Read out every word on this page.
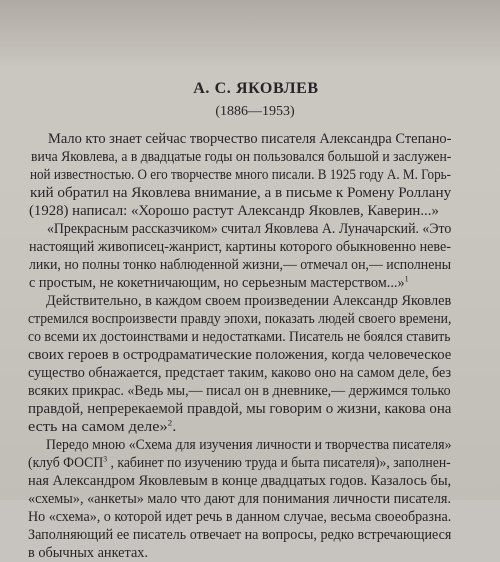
А. С. ЯКОВЛЕВ
(1886—1953)
Мало кто знает сейчас творчество писателя Александра Степано-
вича Яковлева, а в двадцатые годы он пользовался большой и заслужен-
ной известностью. О его творчестве много писали. В 1925 году А. М. Горь-
кий обратил на Яковлева внимание, а в письме к Ромену Роллану
(1928) написал: «Хорошо растут Александр Яковлев, Каверин...»
«Прекрасным рассказчиком» считал Яковлева А. Луначарский. «Это
настоящий живописец-жанрист, картины которого обыкновенно неве-
лики, но полны тонко наблюденной жизни,— отмечал он,— исполнены
с простым, не кокетничающим, но серьезным мастерством...»$^1$
Действительно, в каждом своем произведении Александр Яковлев
стремился воспроизвести правду эпохи, показать людей своего времени,
со всеми их достоинствами и недостатками. Писатель не боялся ставить
своих героев в остродраматические положения, когда человеческое
существо обнажается, предстает таким, каково оно на самом деле, без
всяких прикрас. «Ведь мы,— писал он в дневнике,— держимся только
правдой, непререкаемой правдой, мы говорим о жизни, какова она
есть на самом деле»$^2$.
Передо мною «Схема для изучения личности и творчества писателя»
(клуб ФОСП$^3$ , кабинет по изучению труда и быта писателя)», заполнен-
ная Александром Яковлевым в конце двадцатых годов. Казалось бы,
«схемы», «анкеты» мало что дают для понимания личности писателя.
Но «схема», о которой идет речь в данном случае, весьма своеобразна.
Заполняющий ее писатель отвечает на вопросы, редко встречающиеся
в обычных анкетах.
